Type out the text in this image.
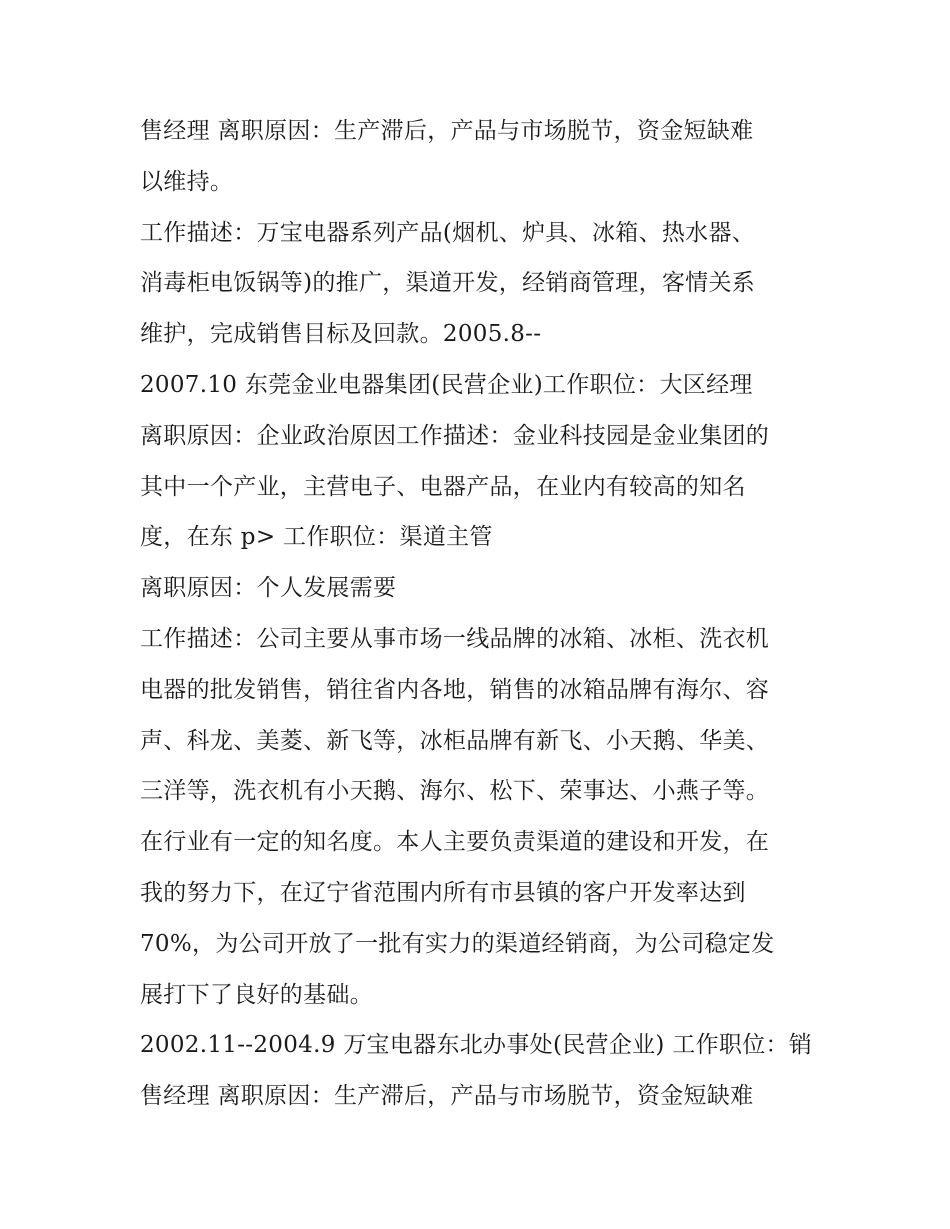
售经理 离职原因：生产滞后，产品与市场脱节，资金短缺难
以维持。
工作描述：万宝电器系列产品(烟机、炉具、冰箱、热水器、
消毒柜电饭锅等)的推广，渠道开发，经销商管理，客情关系
维护，完成销售目标及回款。2005.8--
2007.10 东莞金业电器集团(民营企业)工作职位：大区经理
离职原因：企业政治原因工作描述：金业科技园是金业集团的
其中一个产业，主营电子、电器产品，在业内有较高的知名
度，在东 p> 工作职位：渠道主管
离职原因：个人发展需要
工作描述：公司主要从事市场一线品牌的冰箱、冰柜、洗衣机
电器的批发销售，销往省内各地，销售的冰箱品牌有海尔、容
声、科龙、美菱、新飞等，冰柜品牌有新飞、小天鹅、华美、
三洋等，洗衣机有小天鹅、海尔、松下、荣事达、小燕子等。
在行业有一定的知名度。本人主要负责渠道的建设和开发，在
我的努力下，在辽宁省范围内所有市县镇的客户开发率达到
70%，为公司开放了一批有实力的渠道经销商，为公司稳定发
展打下了良好的基础。
2002.11--2004.9 万宝电器东北办事处(民营企业) 工作职位：销
售经理 离职原因：生产滞后，产品与市场脱节，资金短缺难
